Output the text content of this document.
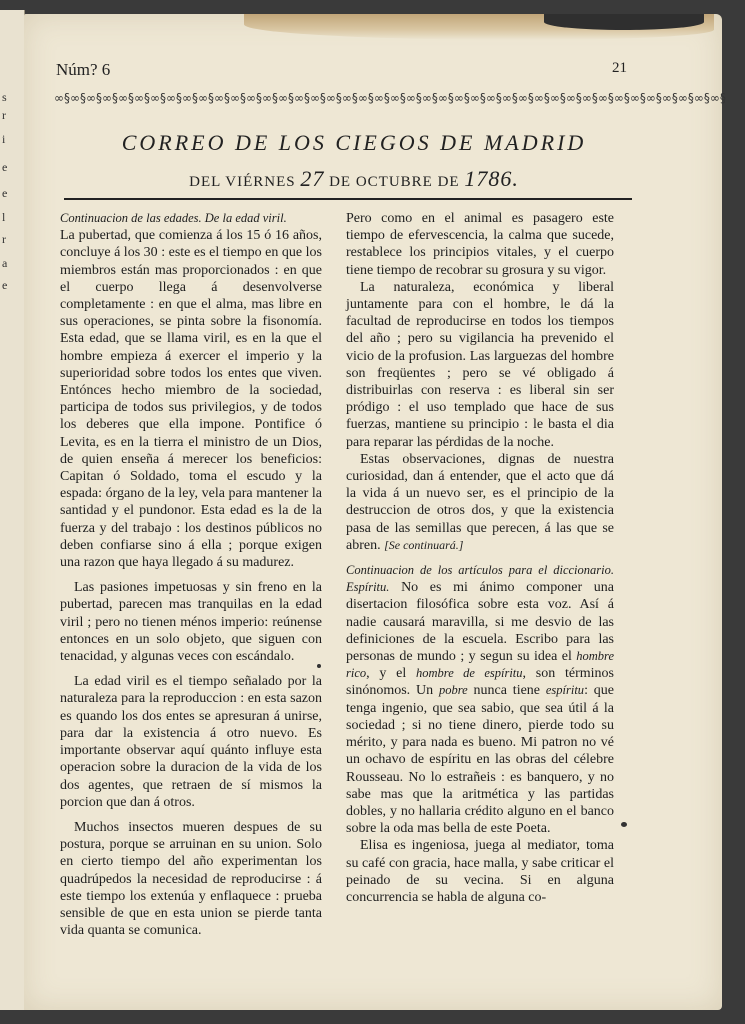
s
r
i
e
e
l
r
a
e
Núm? 6	21
∞§∞§∞§∞§∞§∞§∞§∞§∞§∞§∞§∞§∞§∞§∞§∞§∞§∞§∞§∞§∞§∞§∞§∞§∞§∞§∞§∞§∞§∞§∞§∞§∞§∞§∞§∞§∞§∞§∞§∞§∞§∞§
CORREO DE LOS CIEGOS DE MADRID
DEL VIÉRNES 27 DE OCTUBRE DE 1786.
Continuacion de las edades. De la edad viril.

La pubertad, que comienza á los 15 ó 16 años, concluye á los 30 : este es el tiempo en que los miembros están mas proporcionados : en que el cuerpo llega á desenvolverse completamente : en que el alma, mas libre en sus operaciones, se pinta sobre la fisonomía. Esta edad, que se llama viril, es en la que el hombre empieza á exercer el imperio y la superioridad sobre todos los entes que viven. Entónces hecho miembro de la sociedad, participa de todos sus privilegios, y de todos los deberes que ella impone. Pontifice ó Levita, es en la tierra el ministro de un Dios, de quien enseña á merecer los beneficios: Capitan ó Soldado, toma el escudo y la espada: órgano de la ley, vela para mantener la santidad y el pundonor. Esta edad es la de la fuerza y del trabajo : los destinos públicos no deben confiarse sino á ella ; porque exigen una razon que haya llegado á su madurez.

Las pasiones impetuosas y sin freno en la pubertad, parecen mas tranquilas en la edad viril ; pero no tienen ménos imperio: reúnense entonces en un solo objeto, que siguen con tenacidad, y algunas veces con escándalo.

La edad viril es el tiempo señalado por la naturaleza para la reproduccion : en esta sazon es quando los dos entes se apresuran á unirse, para dar la existencia á otro nuevo. Es importante observar aquí quánto influye esta operacion sobre la duracion de la vida de los dos agentes, que retraen de sí mismos la porcion que dan á otros.

Muchos insectos mueren despues de su postura, porque se arruinan en su union. Solo en cierto tiempo del año experimentan los quadrúpedos la necesidad de reproducirse : á este tiempo los extenúa y enflaquece : prueba sensible de que en esta union se pierde tanta vida quanta se comunica.

Pero como en el animal es pasagero este tiempo de efervescencia, la calma que sucede, restablece los principios vitales, y el cuerpo tiene tiempo de recobrar su grosura y su vigor.

La naturaleza, económica y liberal juntamente para con el hombre, le dá la facultad de reproducirse en todos los tiempos del año ; pero su vigilancia ha prevenido el vicio de la profusion. Las larguezas del hombre son freqüentes ; pero se vé obligado á distribuirlas con reserva : es liberal sin ser pródigo : el uso templado que hace de sus fuerzas, mantiene su principio : le basta el dia para reparar las pérdidas de la noche.

Estas observaciones, dignas de nuestra curiosidad, dan á entender, que el acto que dá la vida á un nuevo ser, es el principio de la destruccion de otros dos, y que la existencia pasa de las semillas que perecen, á las que se abren. [Se continuará.]

Continuacion de los artículos para el diccionario. Espíritu. No es mi ánimo componer una disertacion filosófica sobre esta voz. Así á nadie causará maravilla, si me desvio de las definiciones de la escuela. Escribo para las personas de mundo ; y segun su idea el hombre rico, y el hombre de espíritu, son términos sinónomos. Un pobre nunca tiene espíritu: que tenga ingenio, que sea sabio, que sea útil á la sociedad ; si no tiene dinero, pierde todo su mérito, y para nada es bueno. Mi patron no vé un ochavo de espíritu en las obras del célebre Rousseau. No lo estrañeis : es banquero, y no sabe mas que la aritmética y las partidas dobles, y no hallaria crédito alguno en el banco sobre la oda mas bella de este Poeta.

Elisa es ingeniosa, juega al mediator, toma su café con gracia, hace malla, y sabe criticar el peinado de su vecina. Si en alguna concurrencia se habla de alguna co-
